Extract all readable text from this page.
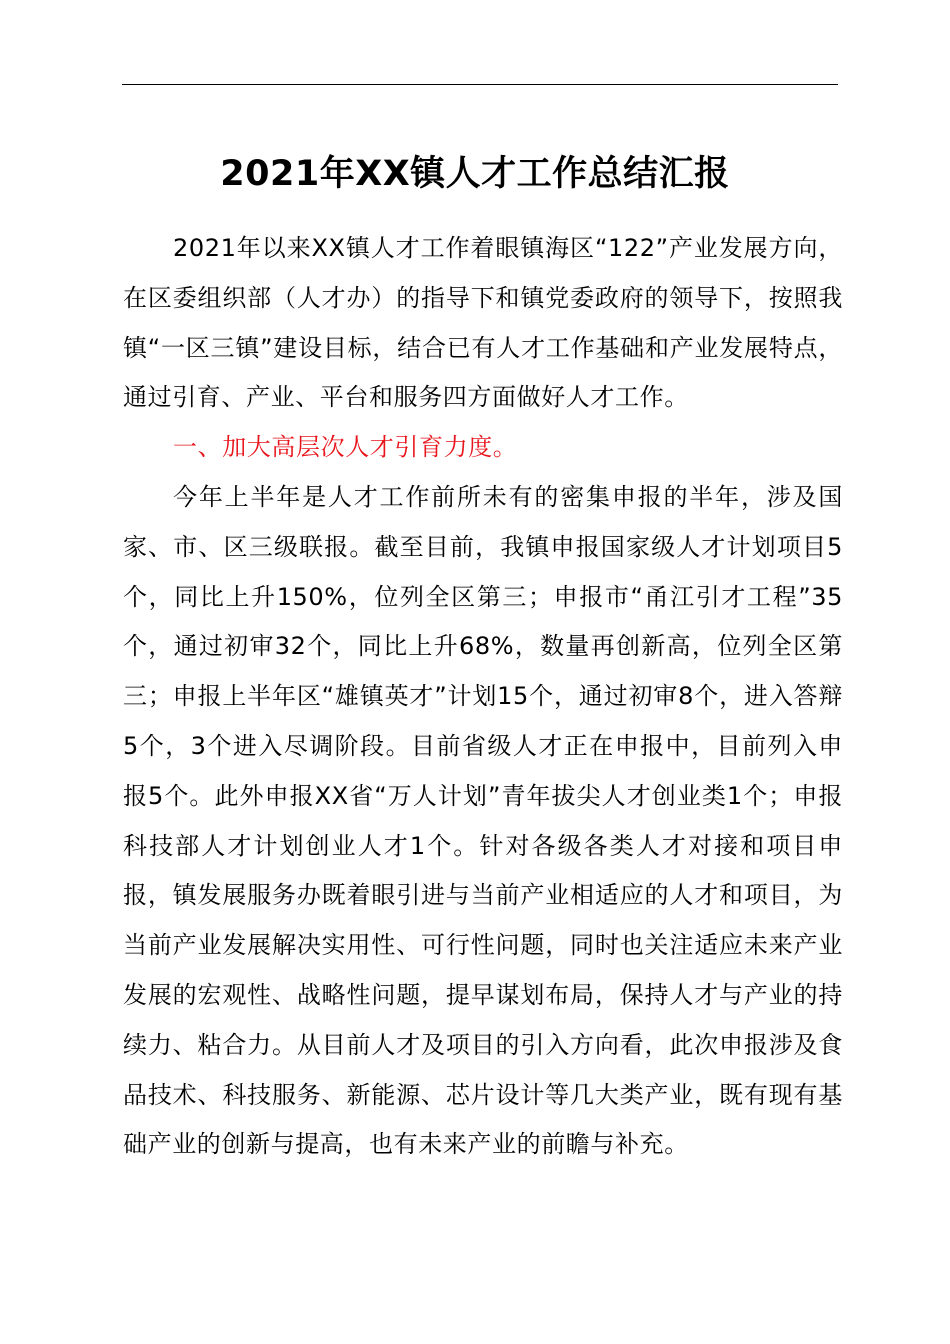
2021年XX镇人才工作总结汇报

2021年以来XX镇人才工作着眼镇海区“122”产业发展方向，在区委组织部（人才办）的指导下和镇党委政府的领导下，按照我镇“一区三镇”建设目标，结合已有人才工作基础和产业发展特点，通过引育、产业、平台和服务四方面做好人才工作。

一、加大高层次人才引育力度。

今年上半年是人才工作前所未有的密集申报的半年，涉及国家、市、区三级联报。截至目前，我镇申报国家级人才计划项目5个，同比上升150%，位列全区第三；申报市“甬江引才工程”35个，通过初审32个，同比上升68%，数量再创新高，位列全区第三；申报上半年区“雄镇英才”计划15个，通过初审8个，进入答辩5个，3个进入尽调阶段。目前省级人才正在申报中，目前列入申报5个。此外申报XX省“万人计划”青年拔尖人才创业类1个；申报科技部人才计划创业人才1个。针对各级各类人才对接和项目申报，镇发展服务办既着眼引进与当前产业相适应的人才和项目，为当前产业发展解决实用性、可行性问题，同时也关注适应未来产业发展的宏观性、战略性问题，提早谋划布局，保持人才与产业的持续力、粘合力。从目前人才及项目的引入方向看，此次申报涉及食品技术、科技服务、新能源、芯片设计等几大类产业，既有现有基础产业的创新与提高，也有未来产业的前瞻与补充。
